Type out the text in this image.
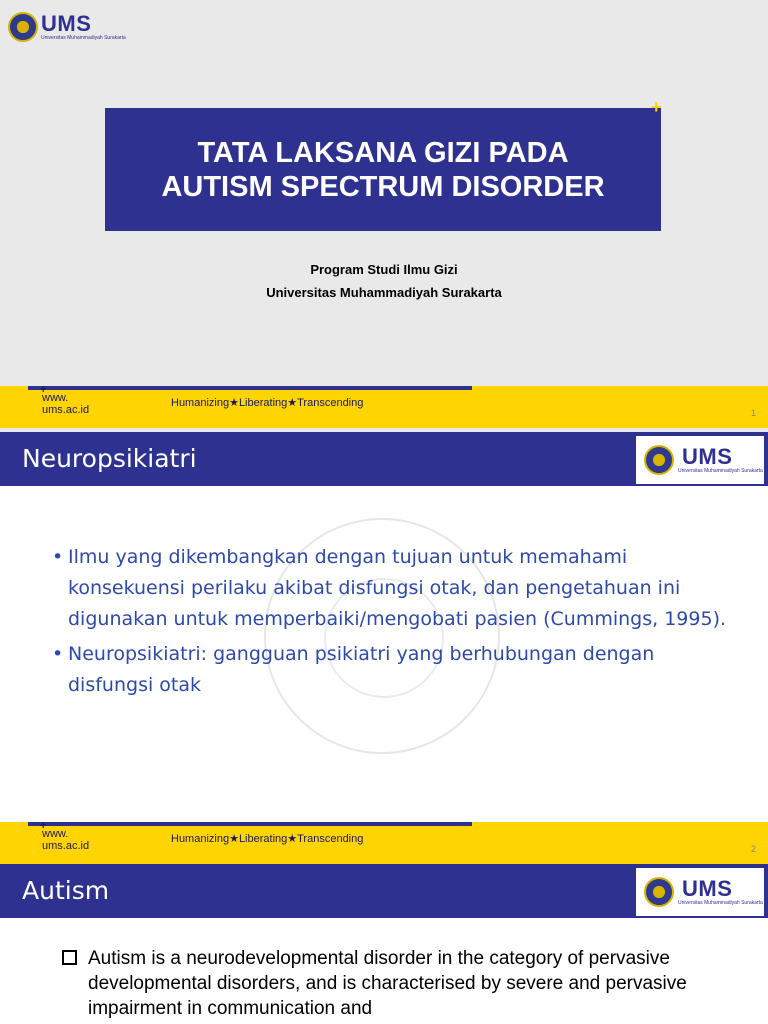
UMS
Universitas Muhammadiyah Surakarta
TATA LAKSANA GIZI PADA
AUTISM SPECTRUM DISORDER
+
Program Studi Ilmu Gizi
Universitas Muhammadiyah Surakarta
+
www.
ums.ac.id
Humanizing★Liberating★Transcending
1
Neuropsikiatri	UMS
Universitas Muhammadiyah Surakarta
• Ilmu yang dikembangkan dengan tujuan untuk memahami konsekuensi perilaku akibat disfungsi otak, dan pengetahuan ini digunakan untuk memperbaiki/mengobati pasien (Cummings, 1995).
• Neuropsikiatri: gangguan psikiatri yang berhubungan dengan disfungsi otak
+
www.
ums.ac.id
Humanizing★Liberating★Transcending
2
Autism	UMS
Universitas Muhammadiyah Surakarta
Autism is a neurodevelopmental disorder in the category of pervasive developmental disorders, and is characterised by severe and pervasive impairment in communication and
